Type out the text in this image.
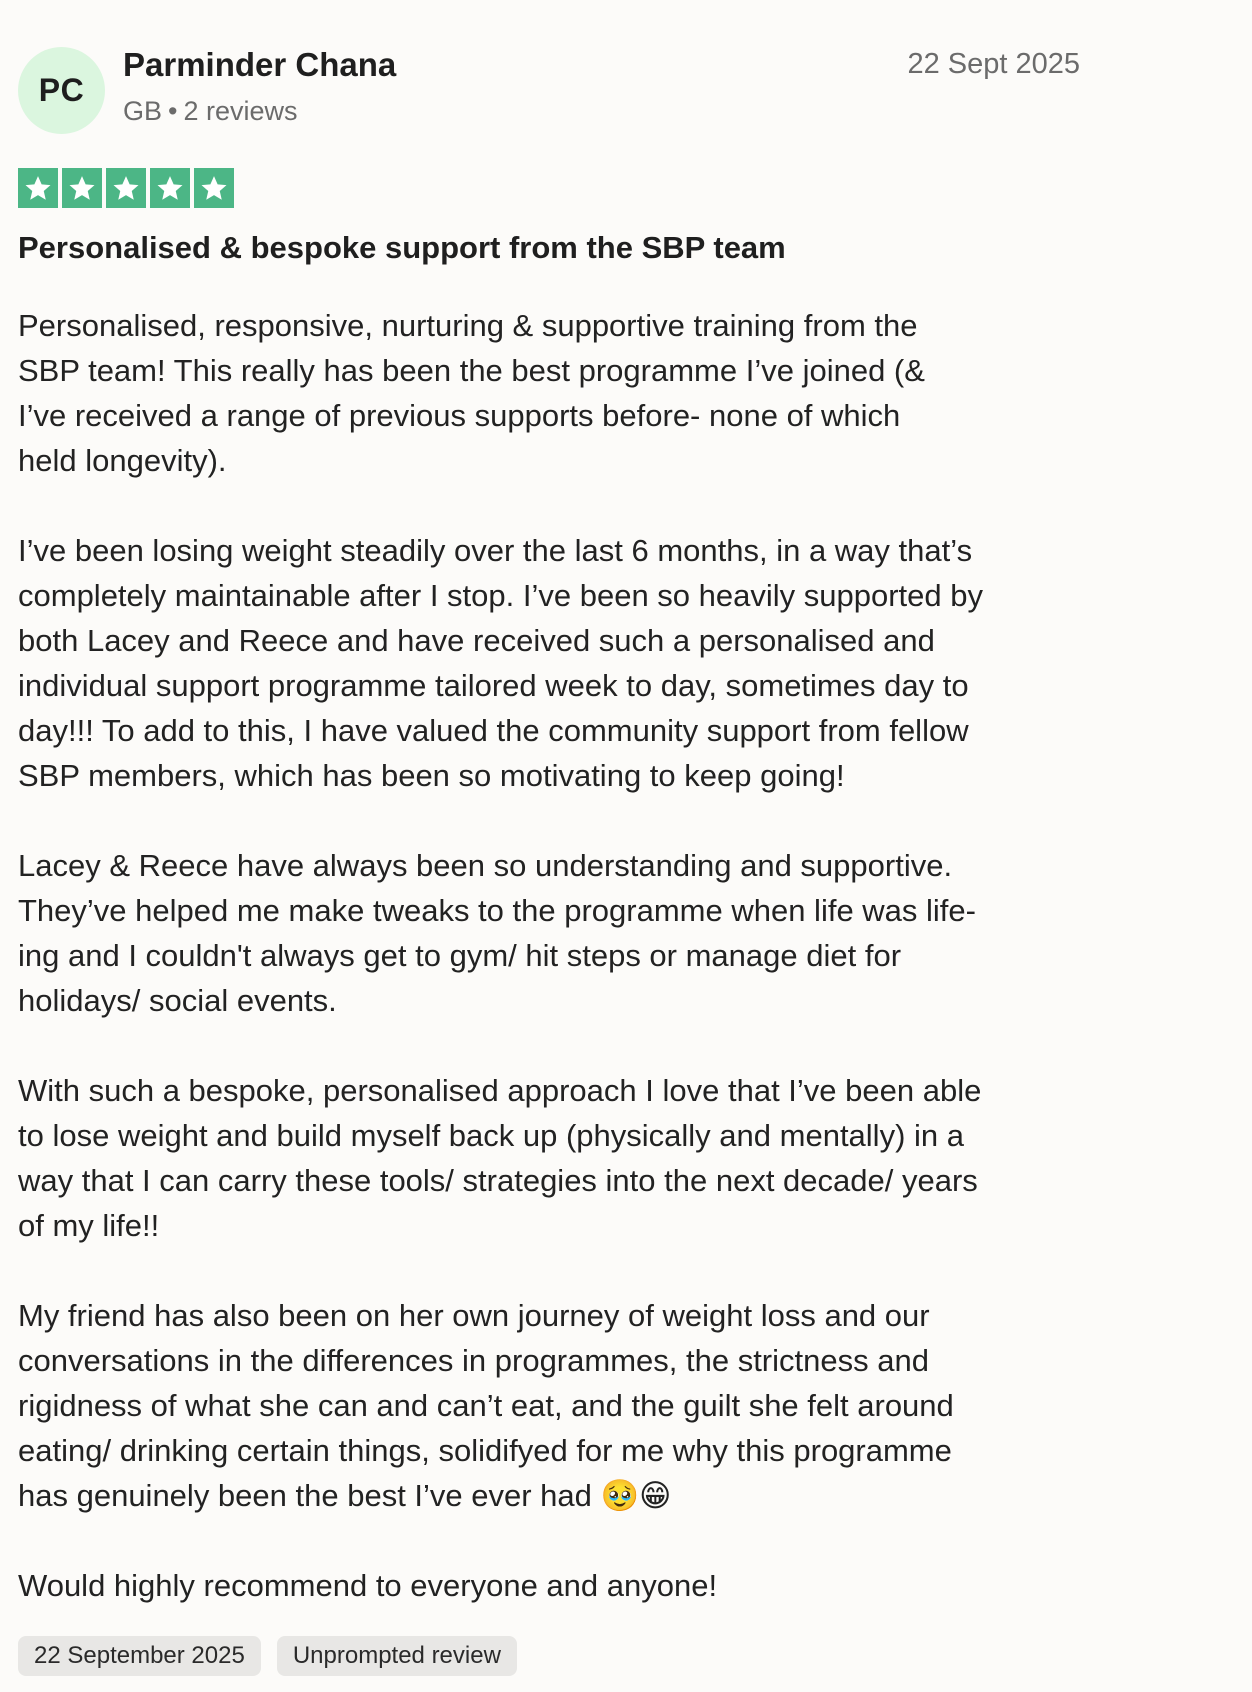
PC
Parminder Chana
GB • 2 reviews
22 Sept 2025
Personalised & bespoke support from the SBP team

Personalised, responsive, nurturing & supportive training from the
SBP team! This really has been the best programme I’ve joined (&
I’ve received a range of previous supports before- none of which
held longevity).

I’ve been losing weight steadily over the last 6 months, in a way that’s
completely maintainable after I stop. I’ve been so heavily supported by
both Lacey and Reece and have received such a personalised and
individual support programme tailored week to day, sometimes day to
day!!! To add to this, I have valued the community support from fellow
SBP members, which has been so motivating to keep going!

Lacey & Reece have always been so understanding and supportive.
They’ve helped me make tweaks to the programme when life was life-
ing and I couldn't always get to gym/ hit steps or manage diet for
holidays/ social events.

With such a bespoke, personalised approach I love that I’ve been able
to lose weight and build myself back up (physically and mentally) in a
way that I can carry these tools/ strategies into the next decade/ years
of my life!!

My friend has also been on her own journey of weight loss and our
conversations in the differences in programmes, the strictness and
rigidness of what she can and can’t eat, and the guilt she felt around
eating/ drinking certain things, solidifyed for me why this programme
has genuinely been the best I’ve ever had 🥹😁

Would highly recommend to everyone and anyone!

22 September 2025	Unprompted review
